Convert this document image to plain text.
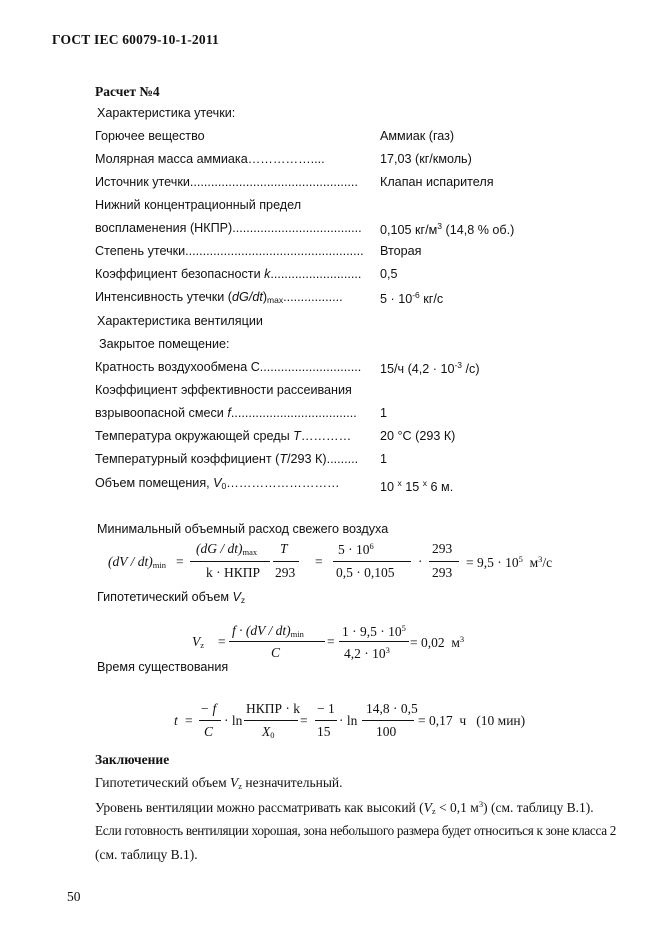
ГОСТ IEC 60079-10-1-2011
Расчет №4
Характеристика утечки:
Горючее вещество	Аммиак (газ)
Молярная масса аммиака……………....	17,03 (кг/кмоль)
Источник утечки................................................ Клапан испарителя
Нижний концентрационный предел
воспламенения (НКПР)..................................... 0,105 $кг/м^3$ (14,8 % об.)
Степень утечки................................................... Вторая
Коэффициент безопасности k.......................... 0,5
Интенсивность утечки $(dG/dt)_{max}$.................	$5 \cdot 10^{-6}$ кг/с
Характеристика вентиляции
Закрытое помещение:
Кратность воздухообмена С............................. 15/ч ($4,2 \cdot 10^{-3}$ /с)
Коэффициент эффективности рассеивания
взрывоопасной смеси f.................................... 1
Температура окружающей среды T………… 20 °С (293 К)
Температурный коэффициент (T/293 К)......... 1
Объем помещения, $V_0\dots\dots\dots\dots\dots\dots\dots\dots\dots$	10 $^x$ 15 $^x$ 6 м.
Минимальный объемный расход свежего воздуха
$(dV / dt)_{min}$ =
$(dG / dt)_{max}$
k · НКПР
T
293
=
$5 \cdot 10^6$
0,5 · 0,105
·
293
293
= $9,5 \cdot 10^5$ $м^3/с$
Гипотетический объем $V_z$
$V_z$ =
$f \cdot (dV / dt)_{min}$
C
=
$1 \cdot 9,5 \cdot 10^5$
$4,2 \cdot 10^3 = 0,02$ $м^3$
Время существования
t =
− f
C
· ln
НКПР · k
$X_0$
=
− 1
15
· ln
14,8 · 0,5
100
= 0,17 ч (10 мин)
Заключение
Гипотетический объем $V_z$ незначительный.
Уровень вентиляции можно рассматривать как высокий ($V_z < 0,1$ $м^3$) (см. таблицу В.1).
Если готовность вентиляции хорошая, зона небольшого размера будет относиться к зоне класса 2
(см. таблицу В.1).
50
